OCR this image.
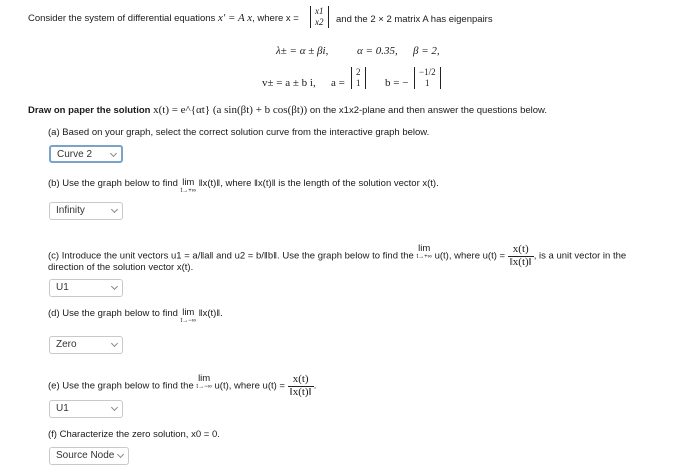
Consider the system of differential equations x′ = A x, where x =
x1
x2 and the 2 × 2 matrix A has eigenpairs
λ± = α ± βi,	α = 0.35, β = 2,
v± = a ± b i, a =
2
1 b = −
−1/2
1
Draw on paper the solution x(t) = e^{αt} (a sin(βt) + b cos(βt)) on the x1x2-plane and then answer the questions below.
(a) Based on your graph, select the correct solution curve from the interactive graph below.
Curve 2
(b) Use the graph below to find lim
t→+∞
‖x(t)‖, where ‖x(t)‖ is the length of the solution vector x(t).
Infinity
(c) Introduce the unit vectors u1 = a/‖a‖ and u2 = b/‖b‖. Use the graph below to find the lim
t→+∞ u(t), where $u(t) = \frac{x(t)}{‖x(t)‖}$ , is a unit vector in the
direction of the solution vector x(t).
U1
(d) Use the graph below to find lim
t→−∞
‖x(t)‖.
Zero
(e) Use the graph below to find the lim
t→−∞ u(t), where $u(t) = \frac{x(t)}{‖x(t)‖}$ .
U1
(f) Characterize the zero solution, x0 = 0.
Source Node
